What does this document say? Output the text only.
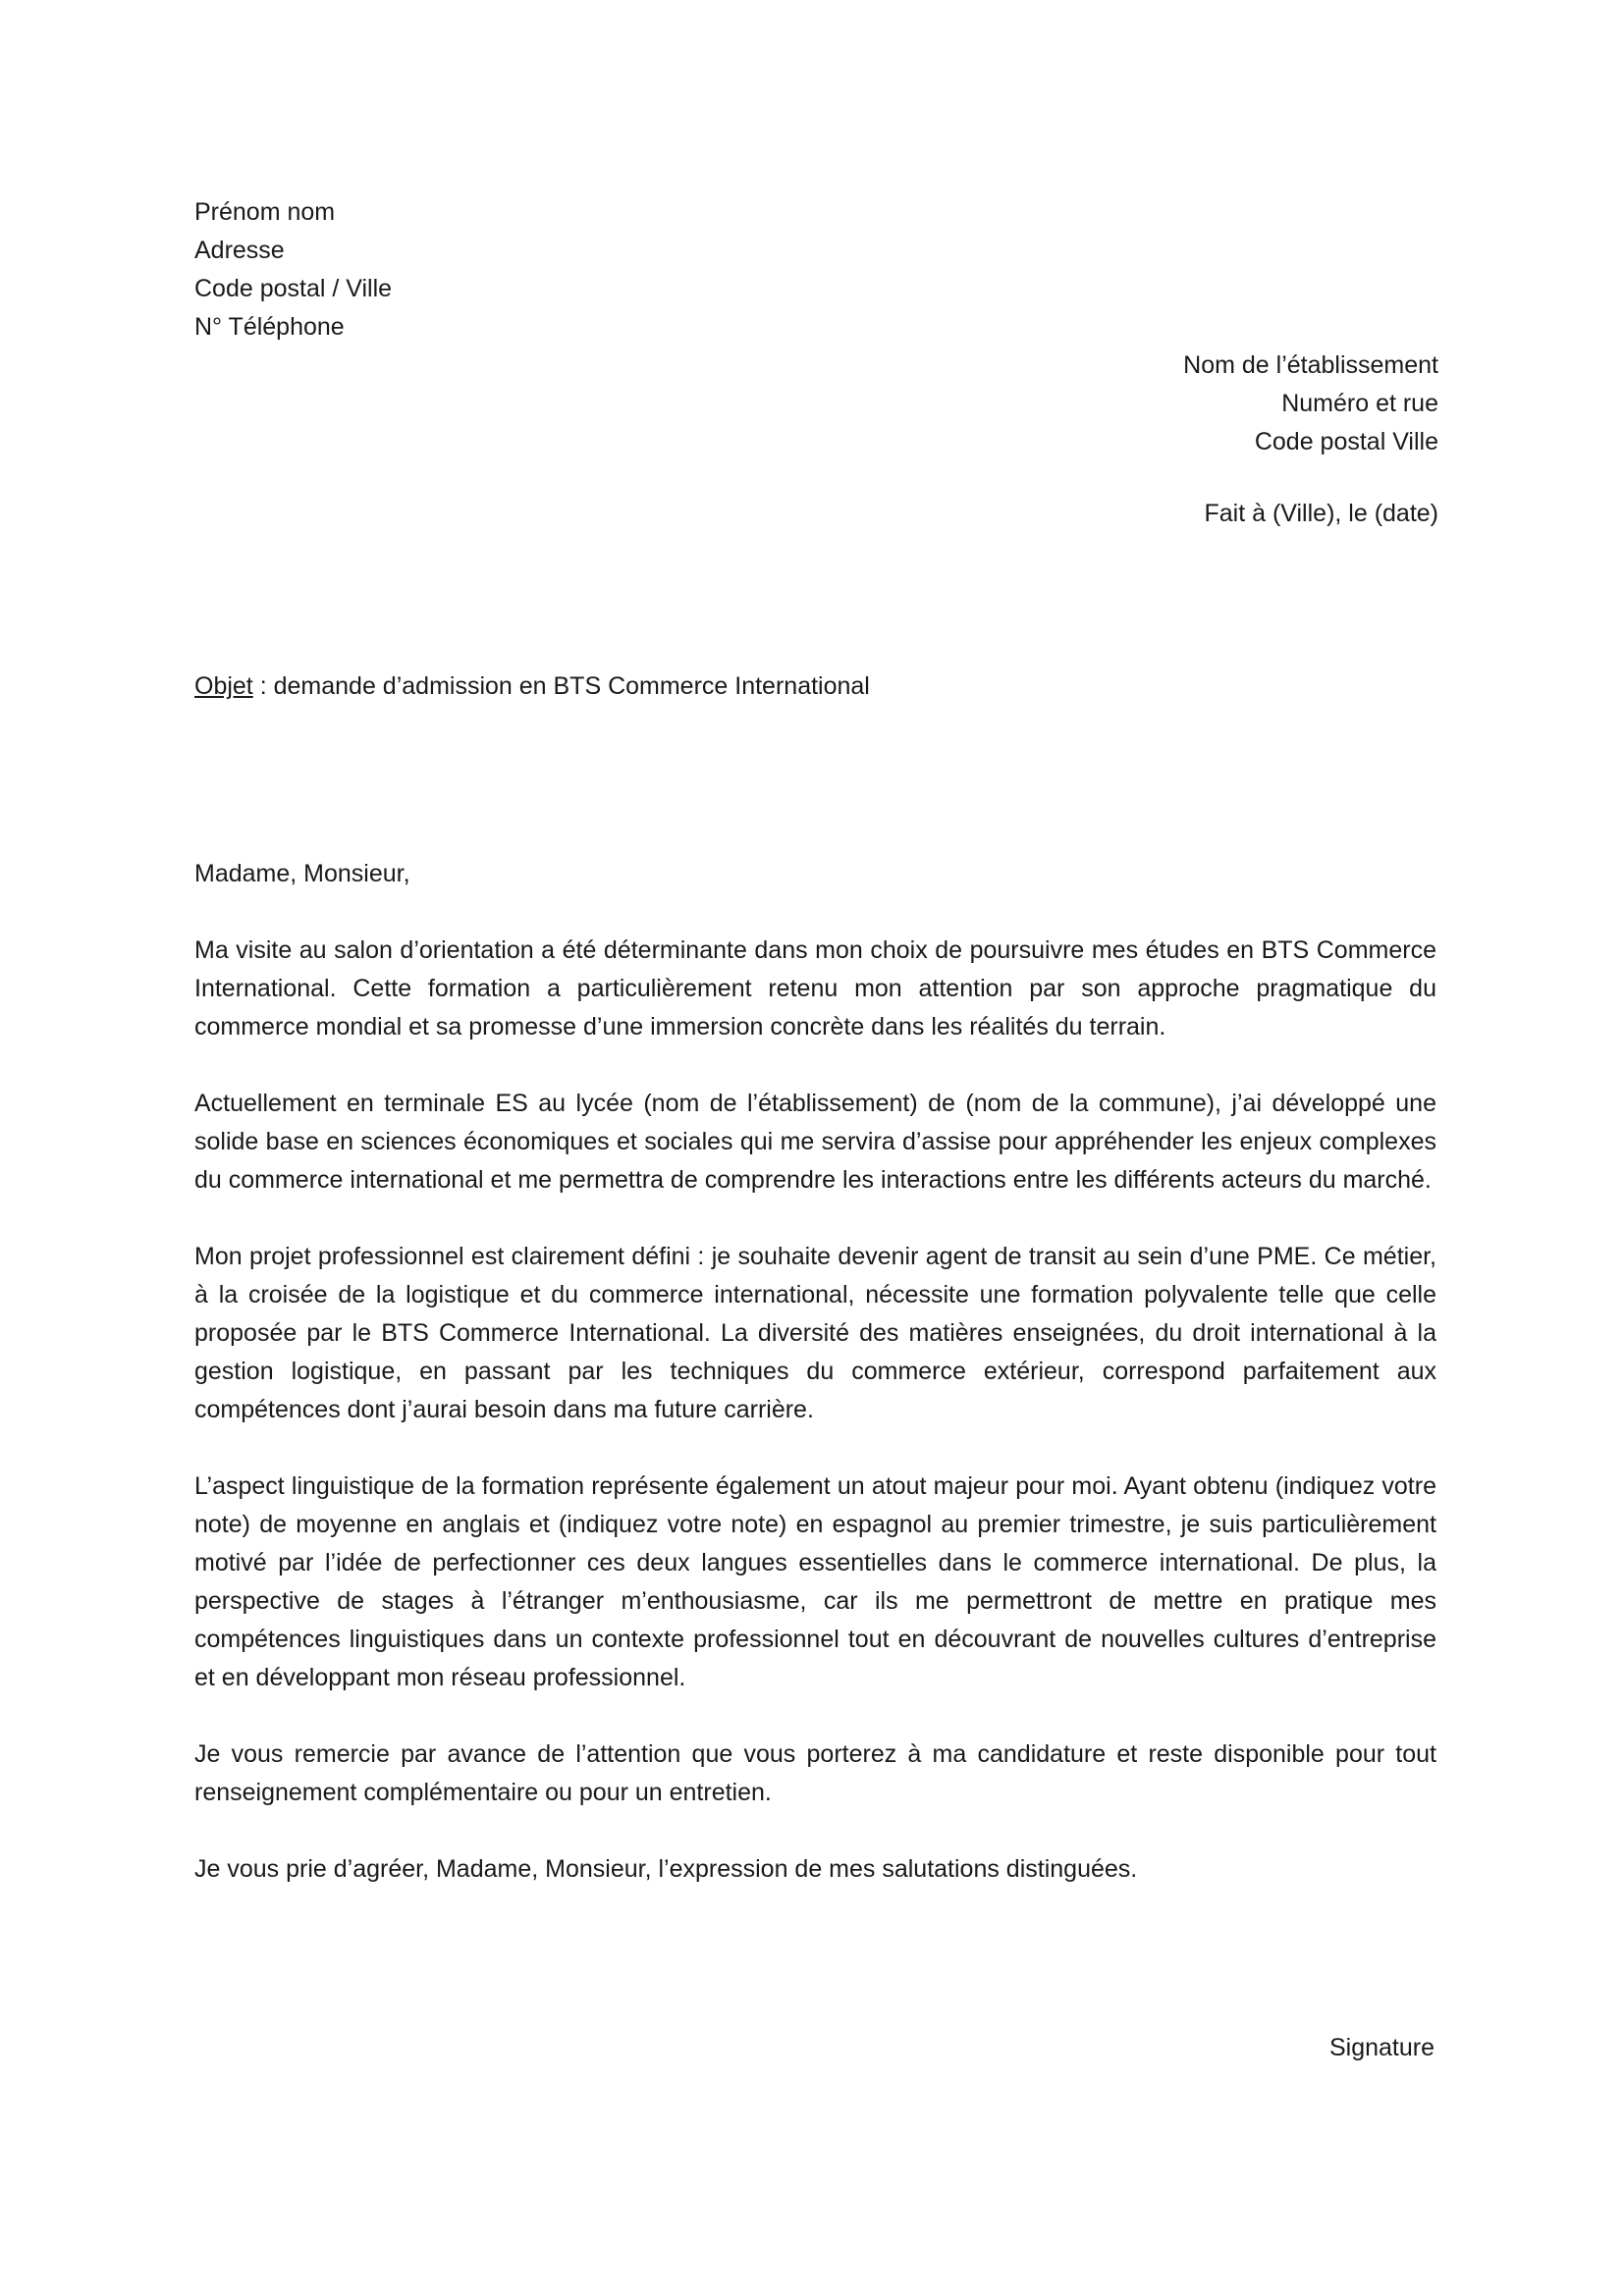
Prénom nom
Adresse
Code postal / Ville
N° Téléphone
Nom de l’établissement
Numéro et rue
Code postal Ville
Fait à (Ville), le (date)
Objet : demande d’admission en BTS Commerce International

Madame, Monsieur,

Ma visite au salon d’orientation a été déterminante dans mon choix de poursuivre mes études en BTS Commerce International. Cette formation a particulièrement retenu mon attention par son approche pragmatique du commerce mondial et sa promesse d’une immersion concrète dans les réalités du terrain.

Actuellement en terminale ES au lycée (nom de l’établissement) de (nom de la commune), j’ai développé une solide base en sciences économiques et sociales qui me servira d’assise pour appréhender les enjeux complexes du commerce international et me permettra de comprendre les interactions entre les différents acteurs du marché.

Mon projet professionnel est clairement défini : je souhaite devenir agent de transit au sein d’une PME. Ce métier, à la croisée de la logistique et du commerce international, nécessite une formation polyvalente telle que celle proposée par le BTS Commerce International. La diversité des matières enseignées, du droit international à la gestion logistique, en passant par les techniques du commerce extérieur, correspond parfaitement aux compétences dont j’aurai besoin dans ma future carrière.

L’aspect linguistique de la formation représente également un atout majeur pour moi. Ayant obtenu (indiquez votre note) de moyenne en anglais et (indiquez votre note) en espagnol au premier trimestre, je suis particulièrement motivé par l’idée de perfectionner ces deux langues essentielles dans le commerce international. De plus, la perspective de stages à l’étranger m’enthousiasme, car ils me permettront de mettre en pratique mes compétences linguistiques dans un contexte professionnel tout en découvrant de nouvelles cultures d’entreprise et en développant mon réseau professionnel.

Je vous remercie par avance de l’attention que vous porterez à ma candidature et reste disponible pour tout renseignement complémentaire ou pour un entretien.

Je vous prie d’agréer, Madame, Monsieur, l’expression de mes salutations distinguées.

Signature
